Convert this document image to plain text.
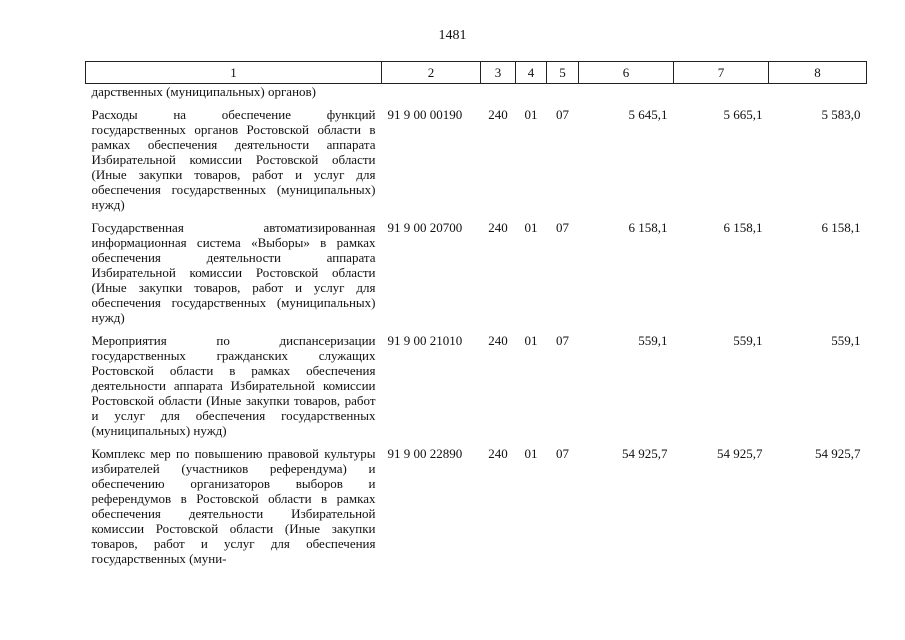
1481
1	2	3	4	5	6	7	8
дарственных (муниципальных) органов)							
Расходы на обеспечение функций государственных органов Ростовской области в рамках обеспечения деятельности аппарата Избирательной комиссии Ростовской области (Иные закупки товаров, работ и услуг для обеспечения государственных (муниципальных) нужд)	91 9 00 00190	240	01	07	5 645,1	5 665,1	5 583,0
Государственная автоматизированная информационная система «Выборы» в рамках обеспечения деятельности аппарата Избирательной комиссии Ростовской области (Иные закупки товаров, работ и услуг для обеспечения государственных (муниципальных) нужд)	91 9 00 20700	240	01	07	6 158,1	6 158,1	6 158,1
Мероприятия по диспансеризации государственных гражданских служащих Ростовской области в рамках обеспечения деятельности аппарата Избирательной комиссии Ростовской области (Иные закупки товаров, работ и услуг для обеспечения государственных (муниципальных) нужд)	91 9 00 21010	240	01	07	559,1	559,1	559,1
Комплекс мер по повышению правовой культуры избирателей (участников референдума) и обеспечению организаторов выборов и референдумов в Ростовской области в рамках обеспечения деятельности Избирательной комиссии Ростовской области (Иные закупки товаров, работ и услуг для обеспечения государственных (муни-	91 9 00 22890	240	01	07	54 925,7	54 925,7	54 925,7
